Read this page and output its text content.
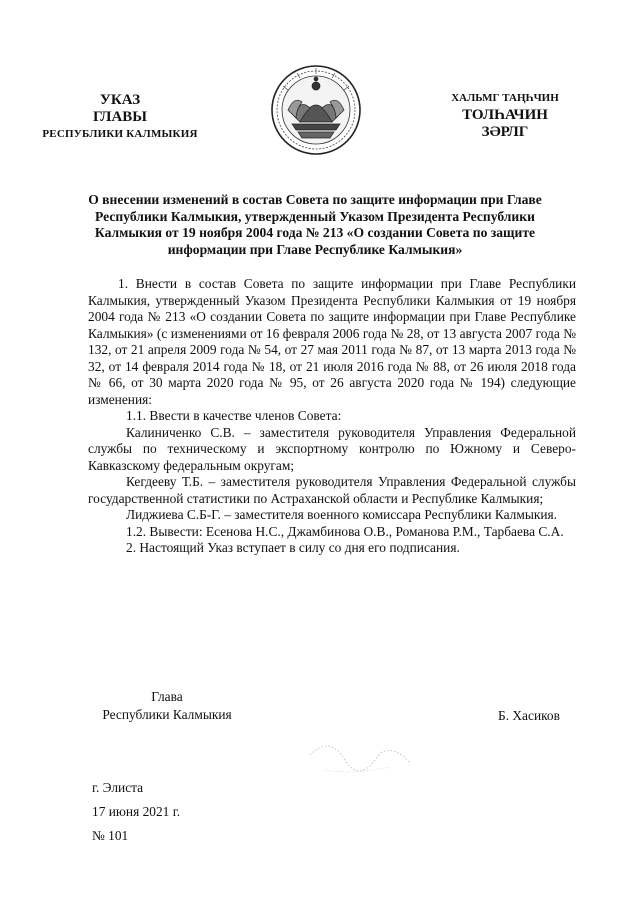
УКАЗ
ГЛАВЫ
РЕСПУБЛИКИ КАЛМЫКИЯ
ХАЛЬМГ ТАҢҺЧИН
ТОЛҺАЧИН
ЗӘРЛГ
О внесении изменений в состав Совета по защите информации при Главе Республики Калмыкия, утвержденный Указом Президента Республики Калмыкия от 19 ноября 2004 года № 213 «О создании Совета по защите информации при Главе Республике Калмыкия»

1. Внести в состав Совета по защите информации при Главе Республики Калмыкия, утвержденный Указом Президента Республики Калмыкия от 19 ноября 2004 года № 213 «О создании Совета по защите информации при Главе Республике Калмыкия» (с изменениями от 16 февраля 2006 года № 28, от 13 августа 2007 года № 132, от 21 апреля 2009 года № 54, от 27 мая 2011 года № 87, от 13 марта 2013 года № 32, от 14 февраля 2014 года № 18, от 21 июля 2016 года № 88, от 26 июля 2018 года № 66, от 30 марта 2020 года № 95, от 26 августа 2020 года № 194) следующие изменения:

1.1. Ввести в качестве членов Совета:

Калиниченко С.В. – заместителя руководителя Управления Федеральной службы по техническому и экспортному контролю по Южному и Северо-Кавказскому федеральным округам;

Кегдееву Т.Б. – заместителя руководителя Управления Федеральной службы государственной статистики по Астраханской области и Республике Калмыкия;

Лиджиева С.Б-Г. – заместителя военного комиссара Республики Калмыкия.

1.2. Вывести: Есенова Н.С., Джамбинова О.В., Романова Р.М., Тарбаева С.А.

2. Настоящий Указ вступает в силу со дня его подписания.

Глава
Республики Калмыкия	Б. Хасиков
г. Элиста
17 июня 2021 г.
№ 101
